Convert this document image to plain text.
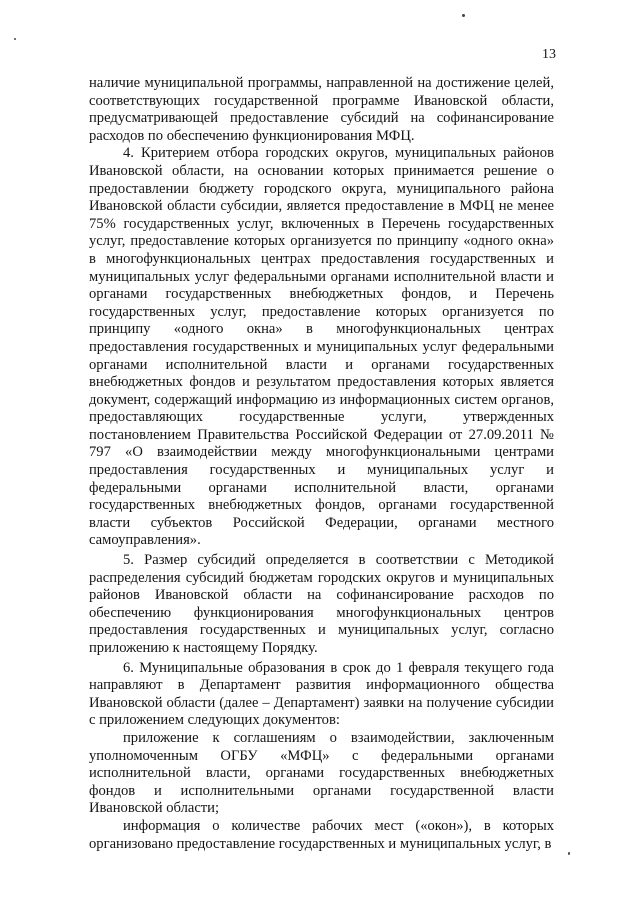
13

наличие муниципальной программы, направленной на достижение целей, соответствующих государственной программе Ивановской области, предусматривающей предоставление субсидий на софинансирование расходов по обеспечению функционирования МФЦ.

4. Критерием отбора городских округов, муниципальных районов Ивановской области, на основании которых принимается решение о предоставлении бюджету городского округа, муниципального района Ивановской области субсидии, является предоставление в МФЦ не менее 75% государственных услуг, включенных в Перечень государственных услуг, предоставление которых организуется по принципу «одного окна» в многофункциональных центрах предоставления государственных и муниципальных услуг федеральными органами исполнительной власти и органами государственных внебюджетных фондов, и Перечень государственных услуг, предоставление которых организуется по принципу «одного окна» в многофункциональных центрах предоставления государственных и муниципальных услуг федеральными органами исполнительной власти и органами государственных внебюджетных фондов и результатом предоставления которых является документ, содержащий информацию из информационных систем органов, предоставляющих государственные услуги, утвержденных постановлением Правительства Российской Федерации от 27.09.2011 № 797 «О взаимодействии между многофункциональными центрами предоставления государственных и муниципальных услуг и федеральными органами исполнительной власти, органами государственных внебюджетных фондов, органами государственной власти субъектов Российской Федерации, органами местного самоуправления».

5. Размер субсидий определяется в соответствии с Методикой распределения субсидий бюджетам городских округов и муниципальных районов Ивановской области на софинансирование расходов по обеспечению функционирования многофункциональных центров предоставления государственных и муниципальных услуг, согласно приложению к настоящему Порядку.

6. Муниципальные образования в срок до 1 февраля текущего года направляют в Департамент развития информационного общества Ивановской области (далее – Департамент) заявки на получение субсидии с приложением следующих документов:

приложение к соглашениям о взаимодействии, заключенным уполномоченным ОГБУ «МФЦ» с федеральными органами исполнительной власти, органами государственных внебюджетных фондов и исполнительными органами государственной власти Ивановской области;

информация о количестве рабочих мест («окон»), в которых организовано предоставление государственных и муниципальных услуг, в
